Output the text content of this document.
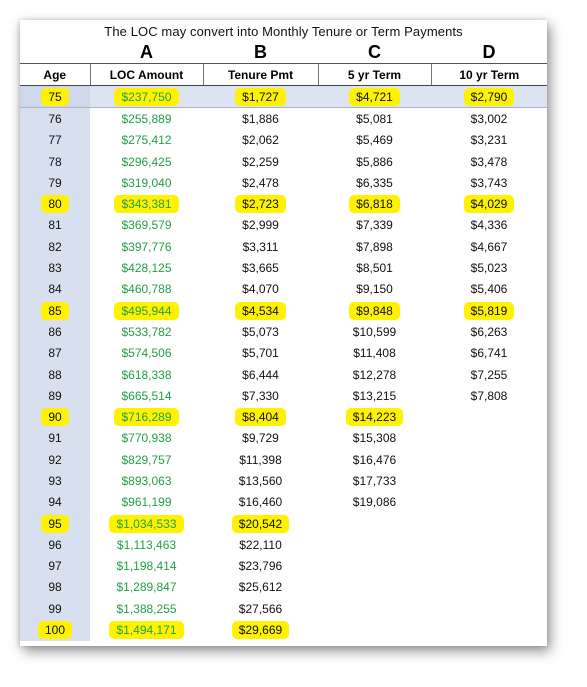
The LOC may convert into Monthly Tenure or Term Payments
A	B	C	D
Age	LOC Amount	Tenure Pmt	5 yr Term	10 yr Term
75	$237,750	$1,727	$4,721	$2,790
76	$255,889	$1,886	$5,081	$3,002
77	$275,412	$2,062	$5,469	$3,231
78	$296,425	$2,259	$5,886	$3,478
79	$319,040	$2,478	$6,335	$3,743
80	$343,381	$2,723	$6,818	$4,029
81	$369,579	$2,999	$7,339	$4,336
82	$397,776	$3,311	$7,898	$4,667
83	$428,125	$3,665	$8,501	$5,023
84	$460,788	$4,070	$9,150	$5,406
85	$495,944	$4,534	$9,848	$5,819
86	$533,782	$5,073	$10,599	$6,263
87	$574,506	$5,701	$11,408	$6,741
88	$618,338	$6,444	$12,278	$7,255
89	$665,514	$7,330	$13,215	$7,808
90	$716,289	$8,404	$14,223	
91	$770,938	$9,729	$15,308	
92	$829,757	$11,398	$16,476	
93	$893,063	$13,560	$17,733	
94	$961,199	$16,460	$19,086	
95	$1,034,533	$20,542		
96	$1,113,463	$22,110		
97	$1,198,414	$23,796		
98	$1,289,847	$25,612		
99	$1,388,255	$27,566		
100	$1,494,171	$29,669		
